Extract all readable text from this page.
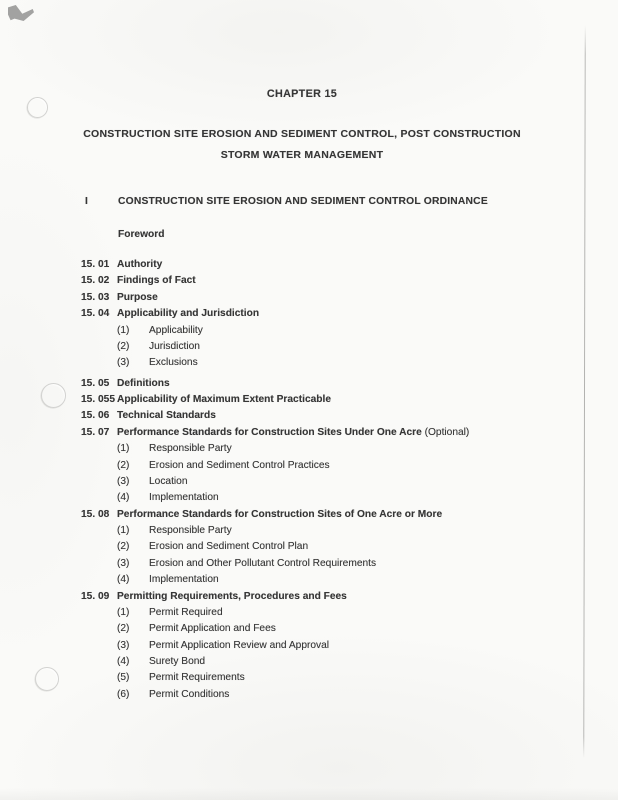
CHAPTER 15
CONSTRUCTION SITE EROSION AND SEDIMENT CONTROL, POST CONSTRUCTION
STORM WATER MANAGEMENT
I	CONSTRUCTION SITE EROSION AND SEDIMENT CONTROL ORDINANCE
Foreword
15. 01 Authority
15. 02 Findings of Fact
15. 03 Purpose
15. 04 Applicability and Jurisdiction
(1) Applicability
(2) Jurisdiction
(3) Exclusions
15. 05 Definitions
15. 055 Applicability of Maximum Extent Practicable
15. 06 Technical Standards
15. 07 Performance Standards for Construction Sites Under One Acre (Optional)
(1) Responsible Party
(2) Erosion and Sediment Control Practices
(3) Location
(4) Implementation
15. 08 Performance Standards for Construction Sites of One Acre or More
(1) Responsible Party
(2) Erosion and Sediment Control Plan
(3) Erosion and Other Pollutant Control Requirements
(4) Implementation
15. 09 Permitting Requirements, Procedures and Fees
(1) Permit Required
(2) Permit Application and Fees
(3) Permit Application Review and Approval
(4) Surety Bond
(5) Permit Requirements
(6) Permit Conditions
